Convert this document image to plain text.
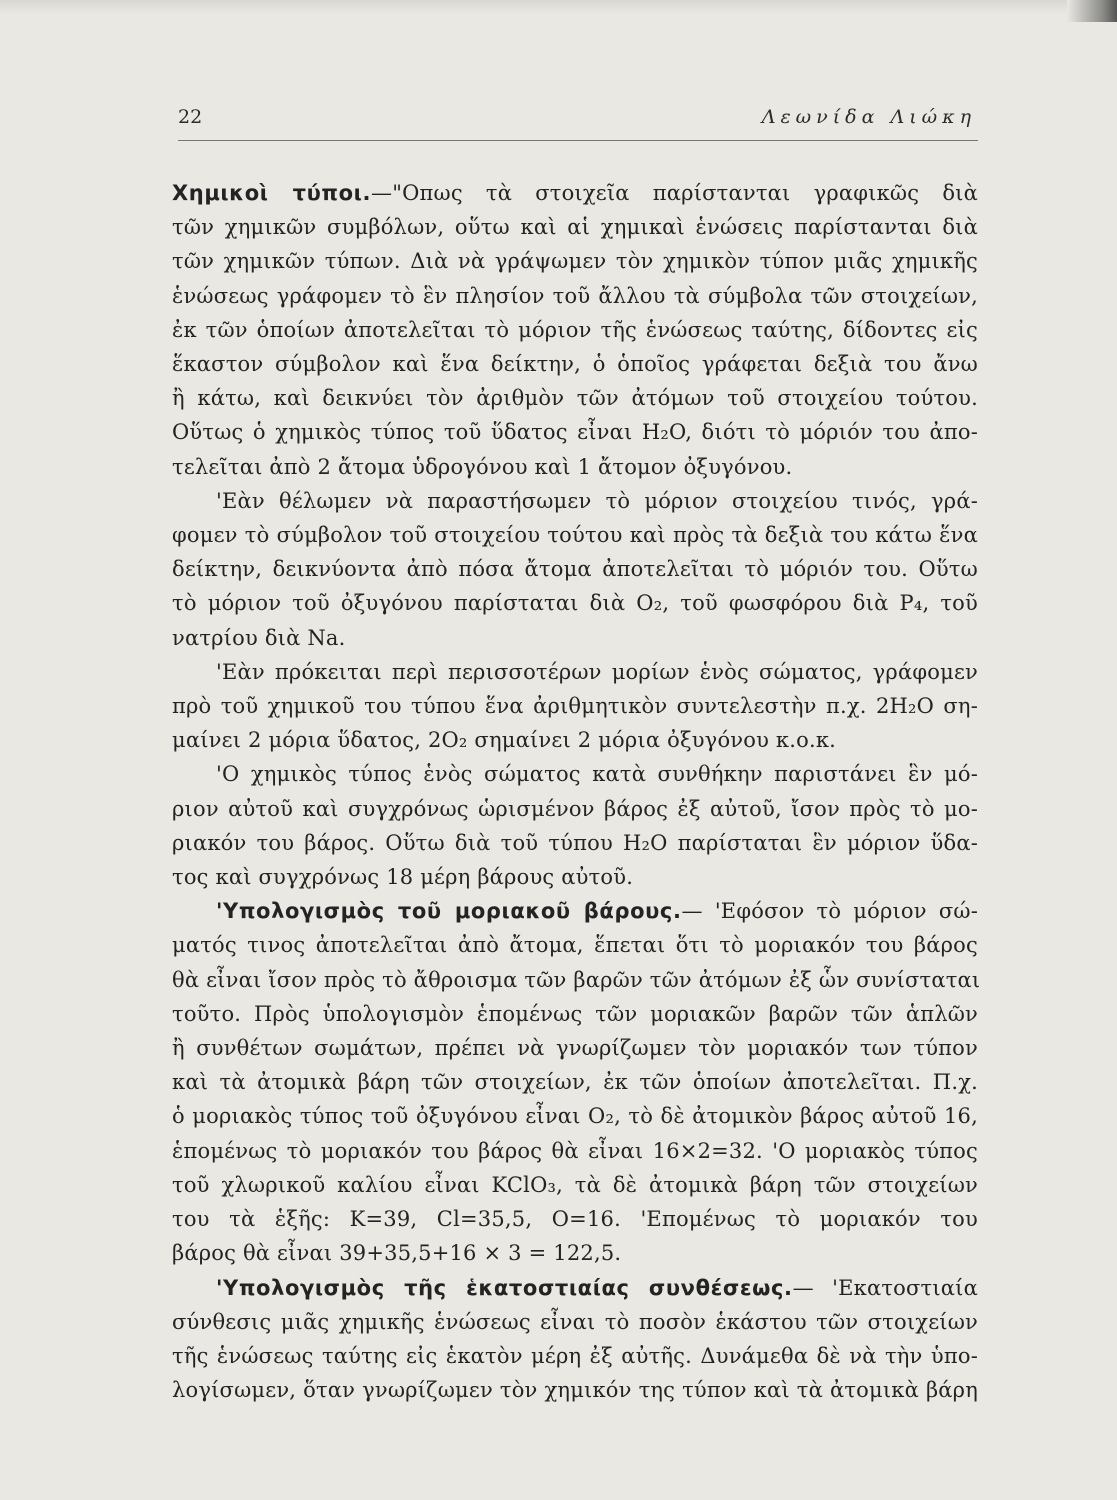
22	Λεωνίδα Λιώκη
Χημικοὶ τύποι.—"Οπως τὰ στοιχεῖα παρίστανται γραφικῶς διὰ
τῶν χημικῶν συμβόλων, οὕτω καὶ αἱ χημικαὶ ἑνώσεις παρίστανται διὰ
τῶν χημικῶν τύπων. Διὰ νὰ γράψωμεν τὸν χημικὸν τύπον μιᾶς χημικῆς
ἑνώσεως γράφομεν τὸ ἓν πλησίον τοῦ ἄλλου τὰ σύμβολα τῶν στοιχείων,
ἐκ τῶν ὁποίων ἀποτελεῖται τὸ μόριον τῆς ἑνώσεως ταύτης, δίδοντες εἰς
ἕκαστον σύμβολον καὶ ἕνα δείκτην, ὁ ὁποῖος γράφεται δεξιὰ του ἄνω
ἢ κάτω, καὶ δεικνύει τὸν ἀριθμὸν τῶν ἀτόμων τοῦ στοιχείου τούτου.
Οὕτως ὁ χημικὸς τύπος τοῦ ὕδατος εἶναι H₂O, διότι τὸ μόριόν του ἀπο-
τελεῖται ἀπὸ 2 ἄτομα ὑδρογόνου καὶ 1 ἄτομον ὀξυγόνου.
'Εὰν θέλωμεν νὰ παραστήσωμεν τὸ μόριον στοιχείου τινός, γρά-
φομεν τὸ σύμβολον τοῦ στοιχείου τούτου καὶ πρὸς τὰ δεξιὰ του κάτω ἕνα
δείκτην, δεικνύοντα ἀπὸ πόσα ἄτομα ἀποτελεῖται τὸ μόριόν του. Οὕτω
τὸ μόριον τοῦ ὀξυγόνου παρίσταται διὰ O₂, τοῦ φωσφόρου διὰ P₄, τοῦ
νατρίου διὰ Na.
'Εὰν πρόκειται περὶ περισσοτέρων μορίων ἑνὸς σώματος, γράφομεν
πρὸ τοῦ χημικοῦ του τύπου ἕνα ἀριθμητικὸν συντελεστὴν π.χ. 2H₂O ση-
μαίνει 2 μόρια ὕδατος, 2O₂ σημαίνει 2 μόρια ὀξυγόνου κ.ο.κ.
'Ο χημικὸς τύπος ἑνὸς σώματος κατὰ συνθήκην παριστάνει ἓν μό-
ριον αὐτοῦ καὶ συγχρόνως ὡρισμένον βάρος ἐξ αὐτοῦ, ἴσον πρὸς τὸ μο-
ριακόν του βάρος. Οὕτω διὰ τοῦ τύπου H₂O παρίσταται ἓν μόριον ὕδα-
τος καὶ συγχρόνως 18 μέρη βάρους αὐτοῦ.
'Υπολογισμὸς τοῦ μοριακοῦ βάρους.— 'Εφόσον τὸ μόριον σώ-
ματός τινος ἀποτελεῖται ἀπὸ ἄτομα, ἕπεται ὅτι τὸ μοριακόν του βάρος
θὰ εἶναι ἴσον πρὸς τὸ ἄθροισμα τῶν βαρῶν τῶν ἀτόμων ἐξ ὧν συνίσταται
τοῦτο. Πρὸς ὑπολογισμὸν ἑπομένως τῶν μοριακῶν βαρῶν τῶν ἁπλῶν
ἢ συνθέτων σωμάτων, πρέπει νὰ γνωρίζωμεν τὸν μοριακόν των τύπον
καὶ τὰ ἀτομικὰ βάρη τῶν στοιχείων, ἐκ τῶν ὁποίων ἀποτελεῖται. Π.χ.
ὁ μοριακὸς τύπος τοῦ ὀξυγόνου εἶναι O₂, τὸ δὲ ἀτομικὸν βάρος αὐτοῦ 16,
ἑπομένως τὸ μοριακόν του βάρος θὰ εἶναι 16×2=32. 'Ο μοριακὸς τύπος
τοῦ χλωρικοῦ καλίου εἶναι KClO₃, τὰ δὲ ἀτομικὰ βάρη τῶν στοιχείων
του τὰ ἑξῆς: K=39, Cl=35,5, O=16. 'Επομένως τὸ μοριακόν του
βάρος θὰ εἶναι 39+35,5+16 × 3 = 122,5.
'Υπολογισμὸς τῆς ἑκατοστιαίας συνθέσεως.— 'Εκατοστιαία
σύνθεσις μιᾶς χημικῆς ἑνώσεως εἶναι τὸ ποσὸν ἑκάστου τῶν στοιχείων
τῆς ἑνώσεως ταύτης εἰς ἑκατὸν μέρη ἐξ αὐτῆς. Δυνάμεθα δὲ νὰ τὴν ὑπο-
λογίσωμεν, ὅταν γνωρίζωμεν τὸν χημικόν της τύπον καὶ τὰ ἀτομικὰ βάρη
